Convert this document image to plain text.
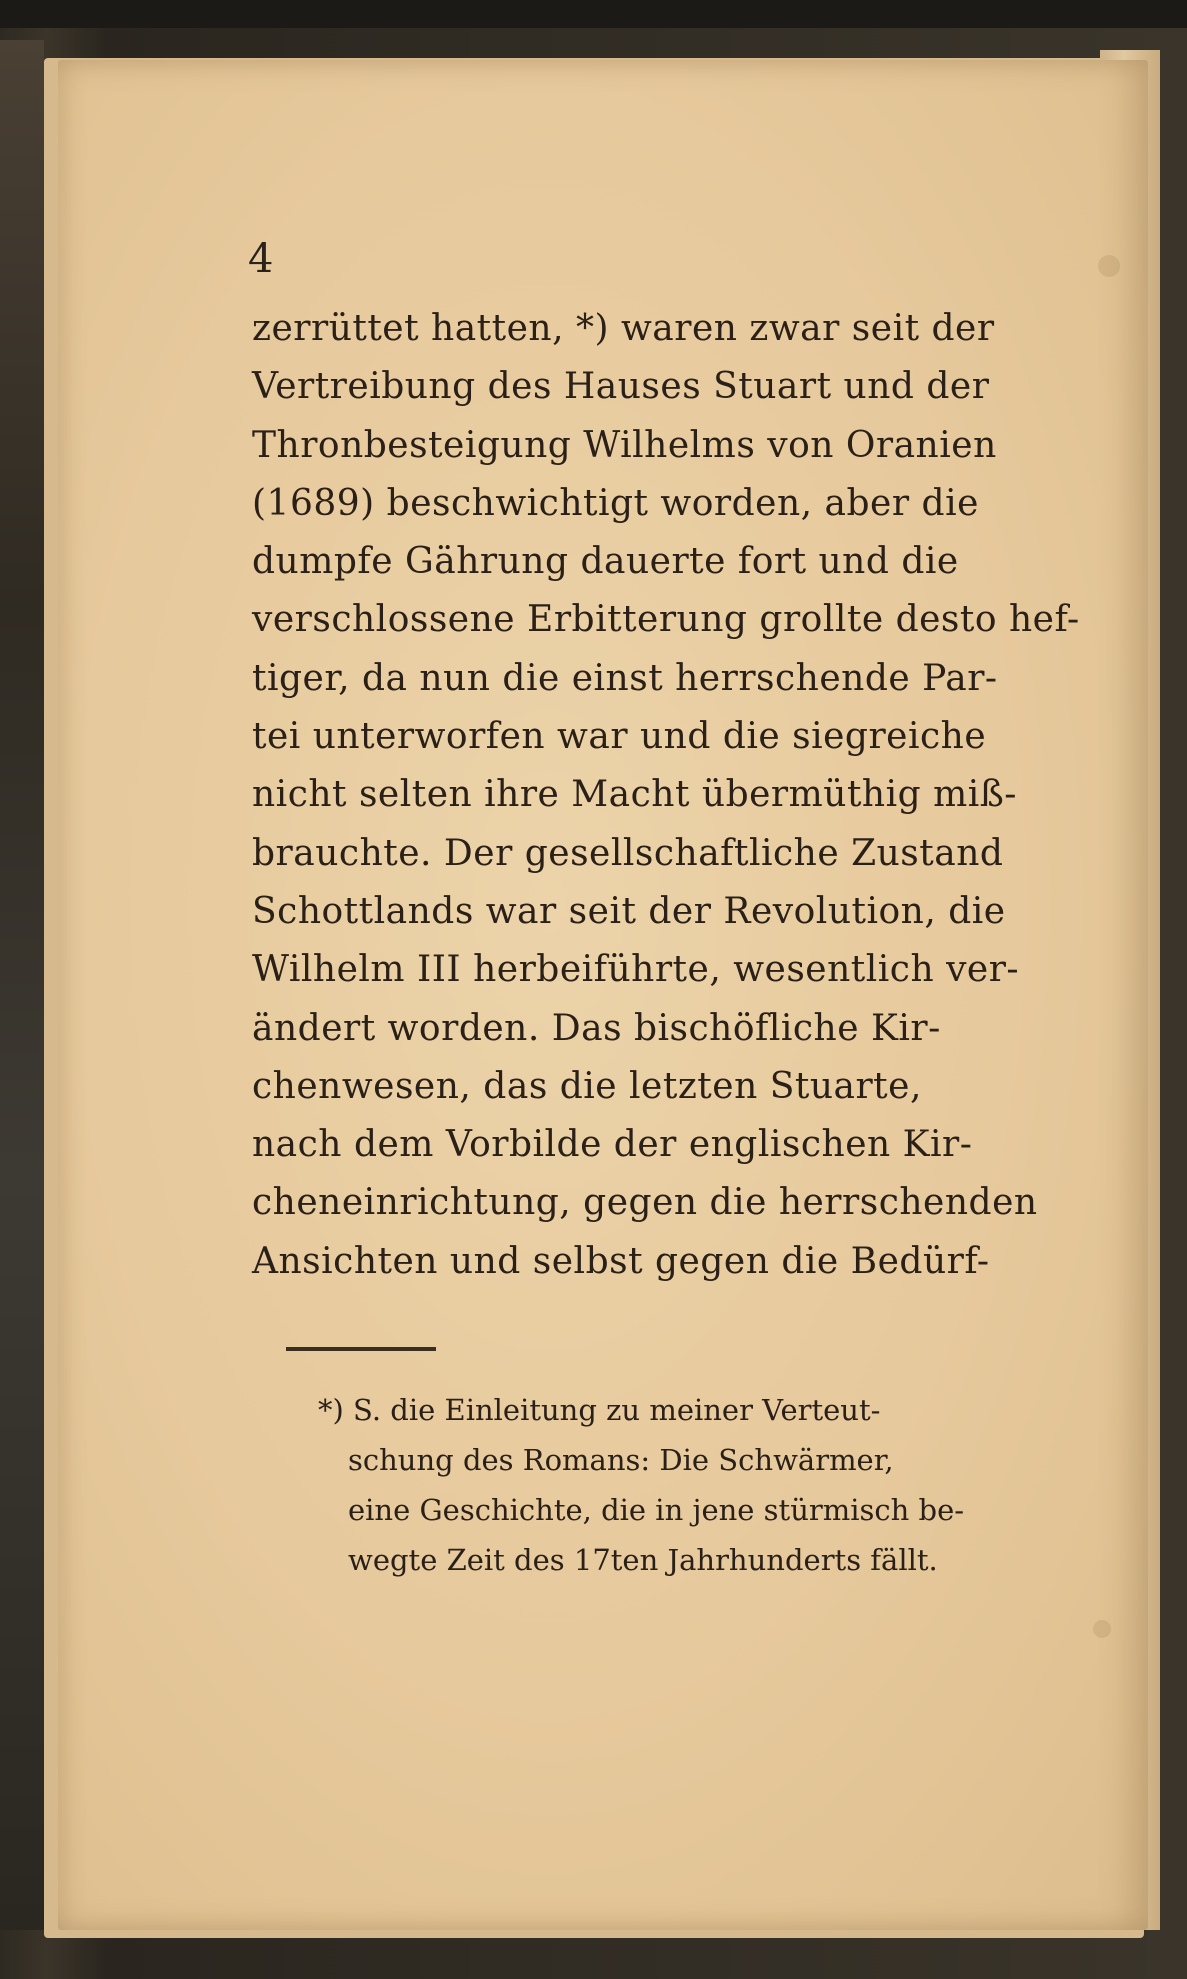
4
zerrüttet hatten, *) waren zwar seit der
Vertreibung des Hauses Stuart und der
Thronbesteigung Wilhelms von Oranien
(1689) beschwichtigt worden, aber die
dumpfe Gährung dauerte fort und die
verschlossene Erbitterung grollte desto hef-
tiger, da nun die einst herrschende Par-
tei unterworfen war und die siegreiche
nicht selten ihre Macht übermüthig miß-
brauchte. Der gesellschaftliche Zustand
Schottlands war seit der Revolution, die
Wilhelm III herbeiführte, wesentlich ver-
ändert worden. Das bischöfliche Kir-
chenwesen, das die letzten Stuarte,
nach dem Vorbilde der englischen Kir-
cheneinrichtung, gegen die herrschenden
Ansichten und selbst gegen die Bedürf-
*) S. die Einleitung zu meiner Verteut-
schung des Romans: Die Schwärmer,
eine Geschichte, die in jene stürmisch be-
wegte Zeit des 17ten Jahrhunderts fällt.
